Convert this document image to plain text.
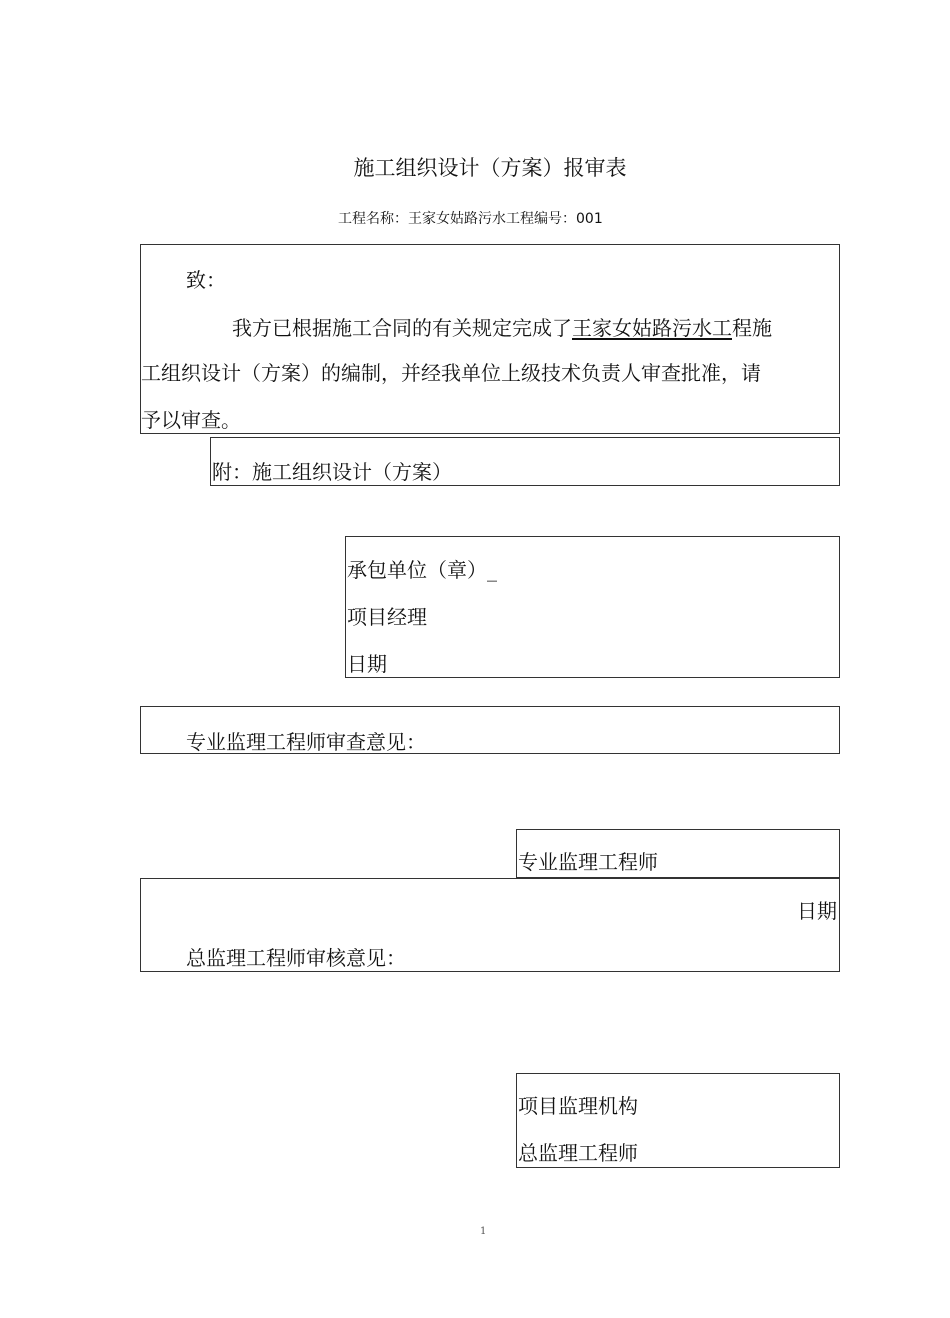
施工组织设计（方案）报审表
工程名称：王家女姑路污水工程编号：001
致：
我方已根据施工合同的有关规定完成了王家女姑路污水工程施
工组织设计（方案）的编制，并经我单位上级技术负责人审查批准，请
予以审查。
附：施工组织设计（方案）
承包单位（章）_
项目经理
日期
专业监理工程师审查意见：
专业监理工程师
日期
总监理工程师审核意见：
项目监理机构
总监理工程师
1
